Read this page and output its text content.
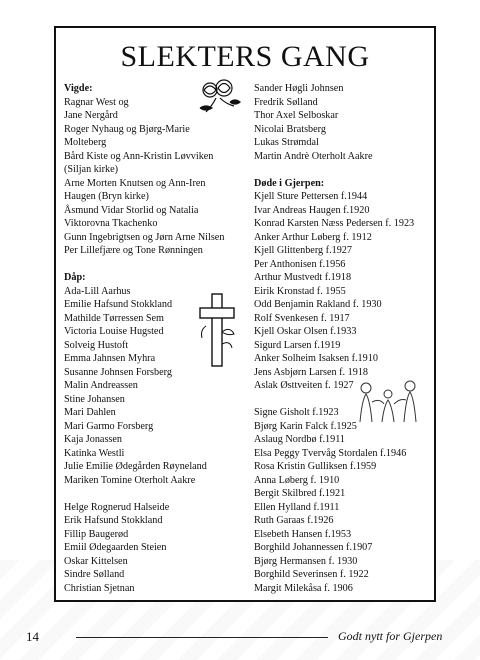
SLEKTERS GANG
Vigde:
Ragnar West og
Jane Nergård
Roger Nyhaug og Bjørg-Marie
Molteberg
Bård Kiste og Ann-Kristin Løvviken
(Siljan kirke)
Arne Morten Knutsen og Ann-Iren
Haugen (Bryn kirke)
Åsmund Vidar Storlid og Natalia
Viktorovna Tkachenko
Gunn Ingebrigtsen og Jørn Arne Nilsen
Per Lillefjære og Tone Rønningen
Dåp:
Ada-Lill Aarhus
Emilie Hafsund Stokkland
Mathilde Tørressen Sem
Victoria Louise Hugsted
Solveig Hustoft
Emma Jahnsen Myhra
Susanne Johnsen Forsberg
Malin Andreassen
Stine Johansen
Mari Dahlen
Mari Garmo Forsberg
Kaja Jonassen
Katinka Westli
Julie Emilie Ødegården Røyneland
Mariken Tomine Oterholt Aakre
Helge Rognerud Halseide
Erik Hafsund Stokkland
Fillip Baugerød
Emiil Ødegaarden Steien
Oskar Kittelsen
Sindre Sølland
Christian Sjetnan
Sander Høgli Johnsen
Fredrik Sølland
Thor Axel Selboskar
Nicolai Bratsberg
Lukas Strømdal
Martin Andrè Oterholt Aakre
Døde i Gjerpen:
Kjell Sture Pettersen f.1944
Ivar Andreas Haugen f.1920
Konrad Karsten Næss Pedersen f. 1923
Anker Arthur Løberg f. 1912
Kjell Glittenberg f.1927
Per Anthonisen f.1956
Arthur Mustvedt f.1918
Eirik Kronstad f. 1955
Odd Benjamin Rakland f. 1930
Rolf Svenkesen f. 1917
Kjell Oskar Olsen f.1933
Sigurd Larsen f.1919
Anker Solheim Isaksen f.1910
Jens Asbjørn Larsen f. 1918
Aslak Østtveiten f. 1927
Signe Gisholt f.1923
Bjørg Karin Falck f.1925
Aslaug Nordbø f.1911
Elsa Peggy Tvervåg Stordalen f.1946
Rosa Kristin Gulliksen f.1959
Anna Løberg f. 1910
Bergit Skilbred f.1921
Ellen Hylland f.1911
Ruth Garaas f.1926
Elsebeth Hansen f.1953
Borghild Johannessen f.1907
Bjørg Hermansen f. 1930
Borghild Severinsen f. 1922
Margit Milekåsa f. 1906
14	Godt nytt for Gjerpen
